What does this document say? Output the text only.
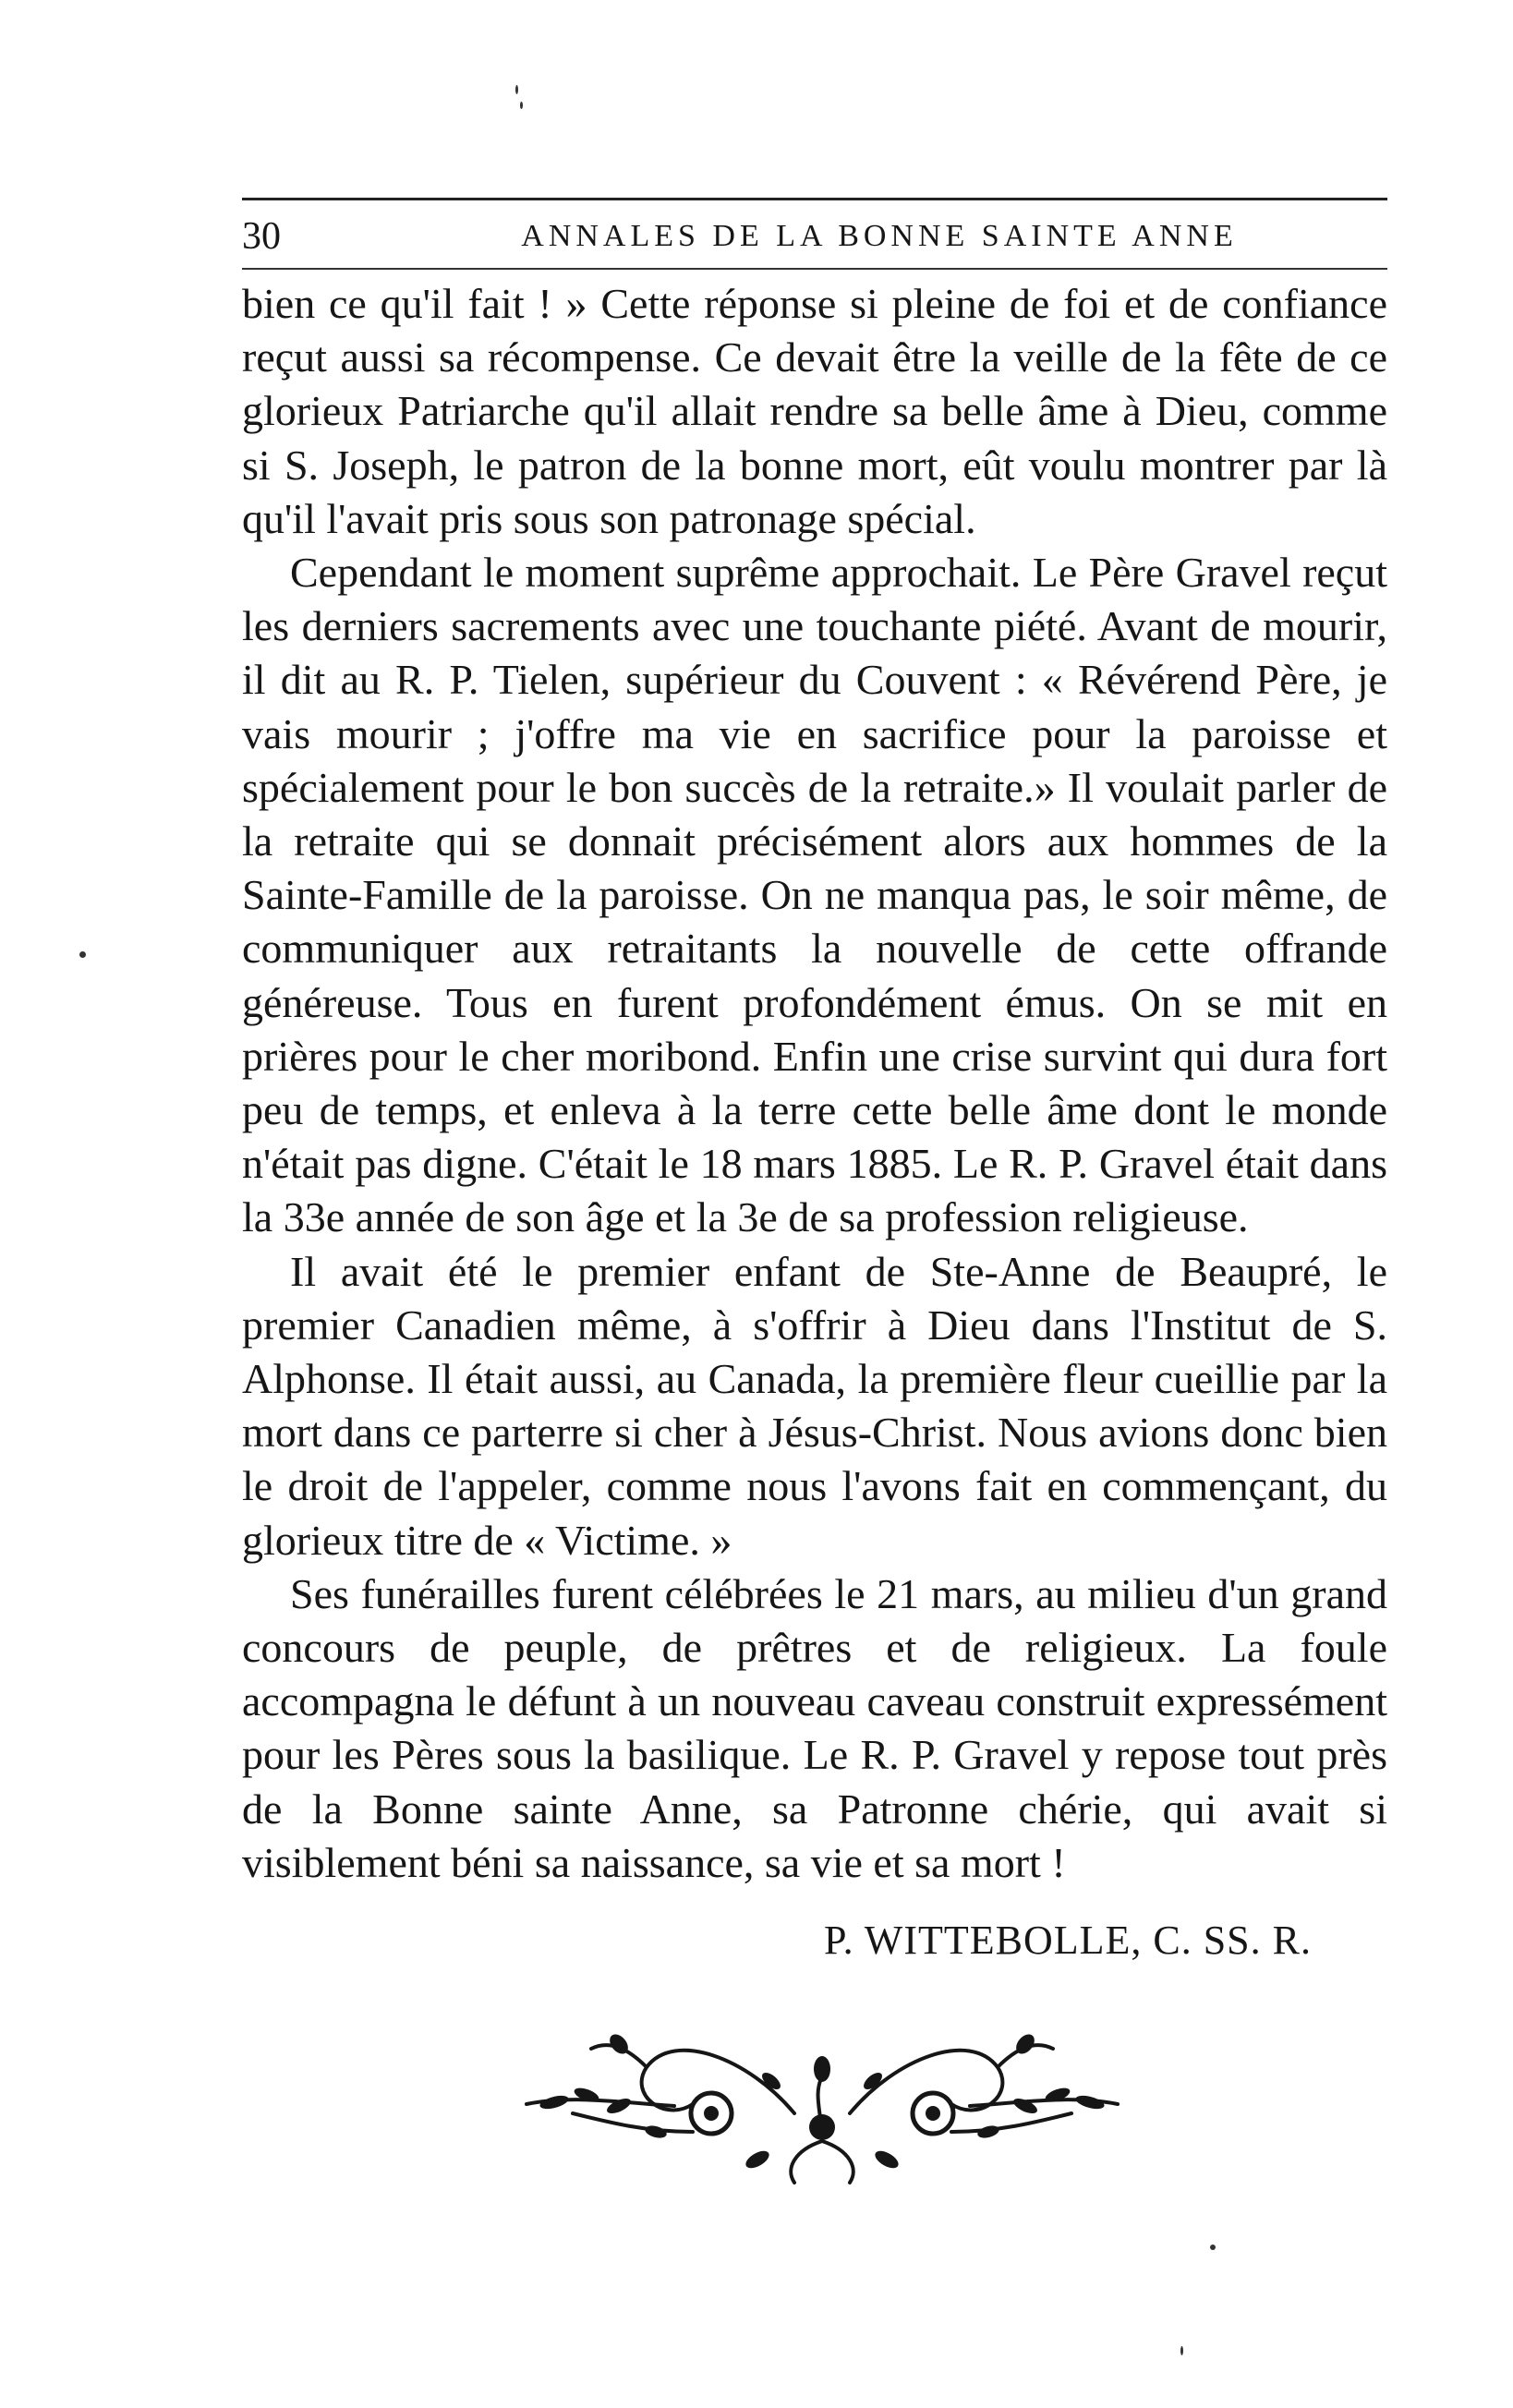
30	ANNALES DE LA BONNE SAINTE ANNE

bien ce qu'il fait ! » Cette réponse si pleine de foi et de confiance reçut aussi sa récompense. Ce devait être la veille de la fête de ce glorieux Patriarche qu'il allait rendre sa belle âme à Dieu, comme si S. Joseph, le patron de la bonne mort, eût voulu montrer par là qu'il l'avait pris sous son patronage spécial.

Cependant le moment suprême approchait. Le Père Gravel reçut les derniers sacrements avec une touchante piété. Avant de mourir, il dit au R. P. Tielen, supérieur du Couvent : « Révérend Père, je vais mourir ; j'offre ma vie en sacrifice pour la paroisse et spécialement pour le bon succès de la retraite.» Il voulait parler de la retraite qui se donnait précisément alors aux hommes de la Sainte-Famille de la paroisse. On ne manqua pas, le soir même, de communiquer aux retraitants la nouvelle de cette offrande généreuse. Tous en furent profondément émus. On se mit en prières pour le cher moribond. Enfin une crise survint qui dura fort peu de temps, et enleva à la terre cette belle âme dont le monde n'était pas digne. C'était le 18 mars 1885. Le R. P. Gravel était dans la 33e année de son âge et la 3e de sa profession religieuse.

Il avait été le premier enfant de Ste-Anne de Beaupré, le premier Canadien même, à s'offrir à Dieu dans l'Institut de S. Alphonse. Il était aussi, au Canada, la première fleur cueillie par la mort dans ce parterre si cher à Jésus-Christ. Nous avions donc bien le droit de l'appeler, comme nous l'avons fait en commençant, du glorieux titre de « Victime. »

Ses funérailles furent célébrées le 21 mars, au milieu d'un grand concours de peuple, de prêtres et de religieux. La foule accompagna le défunt à un nouveau caveau construit expressément pour les Pères sous la basilique. Le R. P. Gravel y repose tout près de la Bonne sainte Anne, sa Patronne chérie, qui avait si visiblement béni sa naissance, sa vie et sa mort !

P. WITTEBOLLE, C. SS. R.
